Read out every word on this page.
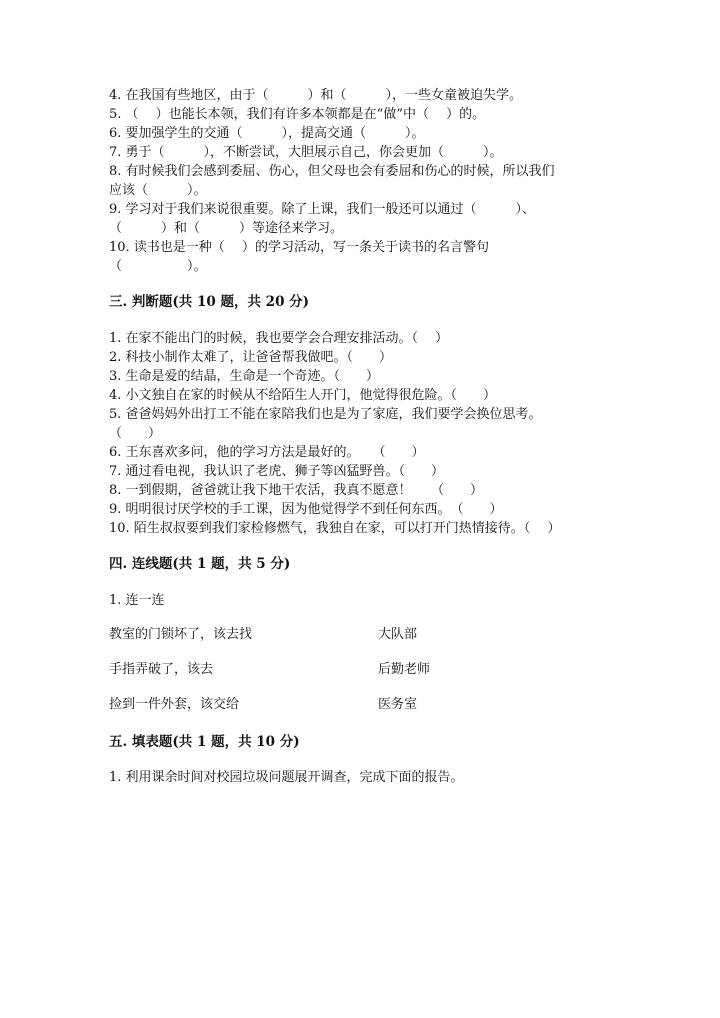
4. 在我国有些地区，由于（　　　）和（　　　），一些女童被迫失学。
5. （　 ）也能长本领，我们有许多本领都是在“做”中（　 ）的。
6. 要加强学生的交通（　　　），提高交通（　　　）。
7. 勇于（　　　），不断尝试，大胆展示自己，你会更加（　　　）。
8. 有时候我们会感到委屈、伤心，但父母也会有委屈和伤心的时候，所以我们
应该（　　　）。
9. 学习对于我们来说很重要。除了上课，我们一般还可以通过（　　　）、
（　　　）和（　　　）等途径来学习。
10. 读书也是一种（　 ）的学习活动，写一条关于读书的名言警句
（　　　　　）。
三. 判断题(共 10 题，共 20 分)
1. 在家不能出门的时候，我也要学会合理安排活动。（　 ）
2. 科技小制作太难了，让爸爸帮我做吧。（　　）
3. 生命是爱的结晶，生命是一个奇迹。（　　）
4. 小文独自在家的时候从不给陌生人开门，他觉得很危险。（　　）
5. 爸爸妈妈外出打工不能在家陪我们也是为了家庭，我们要学会换位思考。
（　　）
6. 王东喜欢多问，他的学习方法是最好的。　　（　　）
7. 通过看电视，我认识了老虎、狮子等凶猛野兽。（　　）
8. 一到假期，爸爸就让我下地干农活，我真不愿意！　　（　　）
9. 明明很讨厌学校的手工课，因为他觉得学不到任何东西。　（　　）
10. 陌生叔叔要到我们家检修燃气，我独自在家，可以打开门热情接待。（　 ）
四. 连线题(共 1 题，共 5 分)
1. 连一连
教室的门锁坏了，该去找	大队部
手指弄破了，该去	后勤老师
捡到一件外套，该交给	医务室
五. 填表题(共 1 题，共 10 分)
1. 利用课余时间对校园垃圾问题展开调查，完成下面的报告。
